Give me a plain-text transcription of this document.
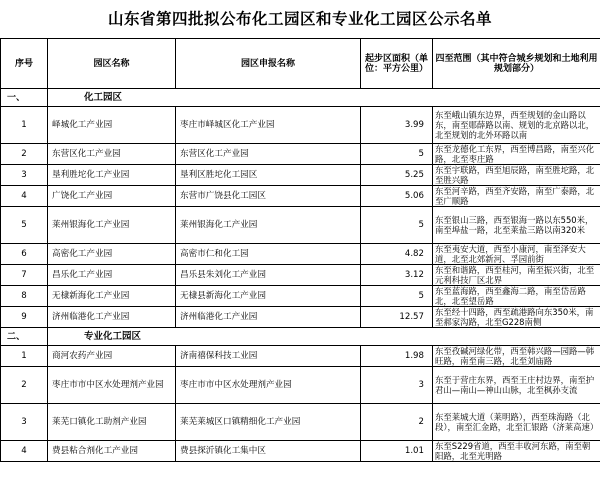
山东省第四批拟公布化工园区和专业化工园区公示名单
序号	园区名称	园区申报名称	起步区面积（单位：平方公里）	四至范围（其中符合城乡规划和土地利用规划部分）
一、	化工园区			
1	峄城化工产业园	枣庄市峄城区化工产业园	3.99	东至峨山镇东边界，西至规划的金山路以东，南至郧薛路以南、规划的北京路以北，北至规划的北外环路以南
2	东营区化工产业园	东营区化工产业园	5	东至龙德化工东界，西至博昌路，南至兴化路，北至枣庄路
3	垦利胜坨化工产业园	垦利区胜坨化工园区	5.25	东至宇联路，西至旭辰路，南至胜坨路，北至胜兴路
4	广饶化工产业园	东营市广饶县化工园区	5.06	东至河辛路，西至齐安路，南至广泰路，北至广顺路
5	莱州银海化工产业园	莱州银海化工产业园	5	东至银山三路，西至银海一路以东550米，南至埠盐一路，北至莱盐三路以南320米
6	高密化工产业园	高密市仁和化工园	4.82	东至夷安大道，西至小康河，南至泽安大道，北至北郊新河、孚园前街
7	昌乐化工产业园	昌乐县朱刘化工产业园	3.12	东至和谐路，西至桂河，南至振兴街，北至元利科技厂区北界
8	无棣新海化工产业园	无棣县新海化工产业园	5	东至蓝海路，西至鑫海二路，南至岱岳路北，北至望岳路
9	济州临港化工产业园	济州临港化工产业园	12.57	东至经十四路，西至疏港路向东350米，南至郝家沟路，北至G228南侧
二、	专业化工园区			
1	商河农药产业园	济南禧保科技工业园	1.98	东至孜碱河绿化带，西至韩兴路—园路—韩旺路，南至南三路，北至刘庙路
2	枣庄市市中区水处理剂产业园	枣庄市市中区水处理剂产业园	3	东至于营庄东界，西至王庄村边界，南至护君山—南山—神山山脉，北至枫孙支流
3	莱芜口镇化工助剂产业园	莱芜莱城区口镇精细化工产业园	2	东至莱城大道（莱明路），西至珠海路（北段），南至汇金路，北至汇银路（济莱高速）
4	费县粘合剂化工产业园	费县探沂镇化工集中区	1.01	东至S229省道，西至丰收河东路，南至朝阳路，北至光明路
